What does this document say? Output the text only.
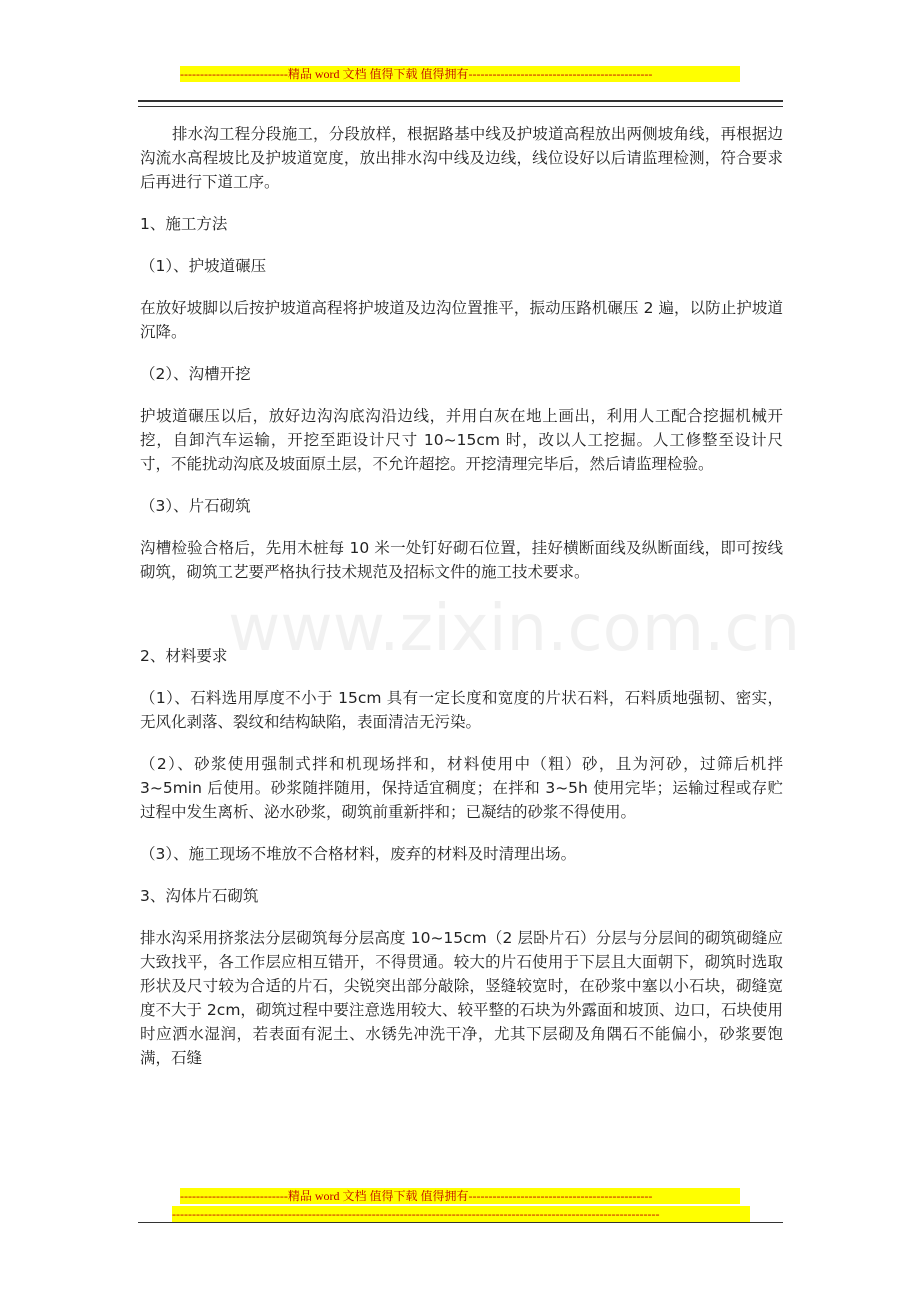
---------------------------精品 word 文档 值得下载 值得拥有----------------------------------------------
www.zixin.com.cn

排水沟工程分段施工，分段放样，根据路基中线及护坡道高程放出两侧坡角线，再根据边沟流水高程坡比及护坡道宽度，放出排水沟中线及边线，线位设好以后请监理检测，符合要求后再进行下道工序。

1、施工方法

（1）、护坡道碾压

在放好坡脚以后按护坡道高程将护坡道及边沟位置推平，振动压路机碾压 2 遍，以防止护坡道沉降。

（2）、沟槽开挖

护坡道碾压以后，放好边沟沟底沟沿边线，并用白灰在地上画出，利用人工配合挖掘机械开挖，自卸汽车运输，开挖至距设计尺寸 10~15cm 时，改以人工挖掘。人工修整至设计尺寸，不能扰动沟底及坡面原土层，不允许超挖。开挖清理完毕后，然后请监理检验。

（3）、片石砌筑

沟槽检验合格后，先用木桩每 10 米一处钉好砌石位置，挂好横断面线及纵断面线，即可按线砌筑，砌筑工艺要严格执行技术规范及招标文件的施工技术要求。

2、材料要求

（1）、石料选用厚度不小于 15cm 具有一定长度和宽度的片状石料，石料质地强韧、密实，无风化剥落、裂纹和结构缺陷，表面清洁无污染。

（2）、砂浆使用强制式拌和机现场拌和，材料使用中（粗）砂，且为河砂，过筛后机拌 3~5min 后使用。砂浆随拌随用，保持适宜稠度；在拌和 3~5h 使用完毕；运输过程或存贮过程中发生离析、泌水砂浆，砌筑前重新拌和；已凝结的砂浆不得使用。

（3）、施工现场不堆放不合格材料，废弃的材料及时清理出场。

3、沟体片石砌筑

排水沟采用挤浆法分层砌筑每分层高度 10~15cm（2 层卧片石）分层与分层间的砌筑砌缝应大致找平，各工作层应相互错开，不得贯通。较大的片石使用于下层且大面朝下，砌筑时选取形状及尺寸较为合适的片石，尖锐突出部分敲除，竖缝较宽时，在砂浆中塞以小石块，砌缝宽度不大于 2cm，砌筑过程中要注意选用较大、较平整的石块为外露面和坡顶、边口，石块使用时应洒水湿润，若表面有泥土、水锈先冲洗干净，尤其下层砌及角隅石不能偏小，砂浆要饱满，石缝

---------------------------精品 word 文档 值得下载 值得拥有----------------------------------------------
--------------------------------------------------------------------------------------------------------------------------
